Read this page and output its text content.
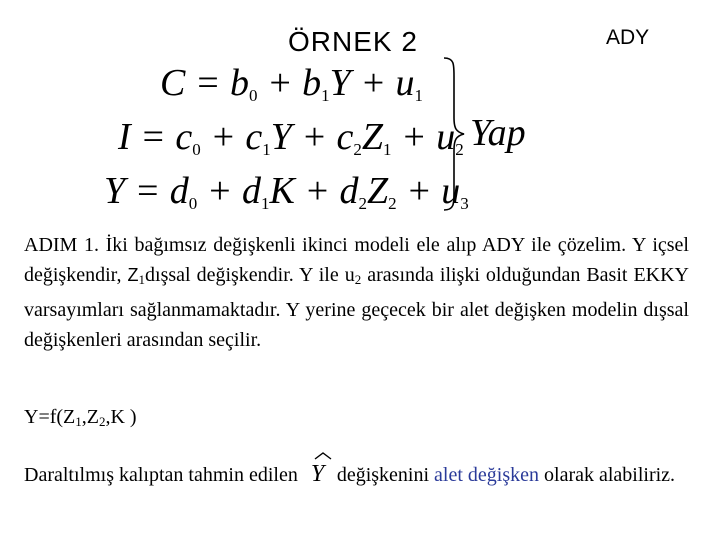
ÖRNEK 2	ADY
$C = b_0 + b_1Y + u_1$
$I = c_0 + c_1Y + c_2Z_1 + u_2$
$Y = d_0 + d_1K + d_2Z_2 + u_3$
Yap
ADIM 1. İki bağımsız değişkenli ikinci modeli ele alıp ADY ile çözelim. Y içsel değişkendir, $Z_1dışsal$ değişkendir. Y ile $u_2$ arasında ilişki olduğundan Basit EKKY varsayımları sağlanmamaktadır. Y yerine geçecek bir alet değişken modelin dışsal değişkenleri arasından seçilir.
$Y=f(Z_1,Z_2,K$ )
Daraltılmış kalıptan tahmin edilen Y değişkenini alet değişken olarak alabiliriz.
